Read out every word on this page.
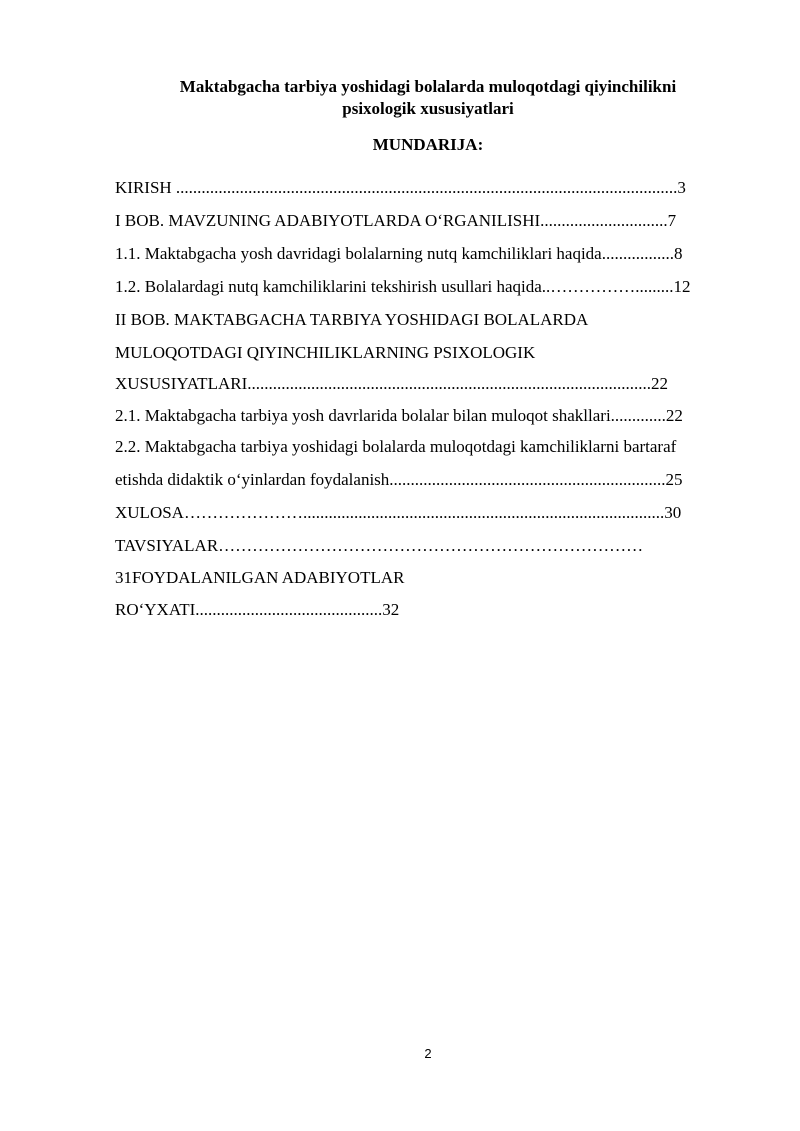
Maktabgacha tarbiya yoshidagi bolalarda muloqotdagi qiyinchilikni
psixologik xususiyatlari
MUNDARIJA:
KIRISH ......................................................................................................................3
I BOB. MAVZUNING ADABIYOTLARDA O‘RGANILISHI..............................7
1.1. Maktabgacha yosh davridagi bolalarning nutq kamchiliklari haqida.................8
1.2. Bolalardagi nutq kamchiliklarini tekshirish usullari haqida..…………….........12
II BOB. MAKTABGACHA TARBIYA YOSHIDAGI BOLALARDA
MULOQOTDAGI QIYINCHILIKLARNING PSIXOLOGIK
XUSUSIYATLARI...............................................................................................22
2.1. Maktabgacha tarbiya yosh davrlarida bolalar bilan muloqot shakllari.............22
2.2. Maktabgacha tarbiya yoshidagi bolalarda muloqotdagi kamchiliklarni bartaraf
etishda didaktik o‘yinlardan foydalanish.................................................................25
XULOSA………………….....................................................................................30
TAVSIYALAR…………………………………………………………………
31FOYDALANILGAN ADABIYOTLAR
RO‘YXATI............................................32
2
